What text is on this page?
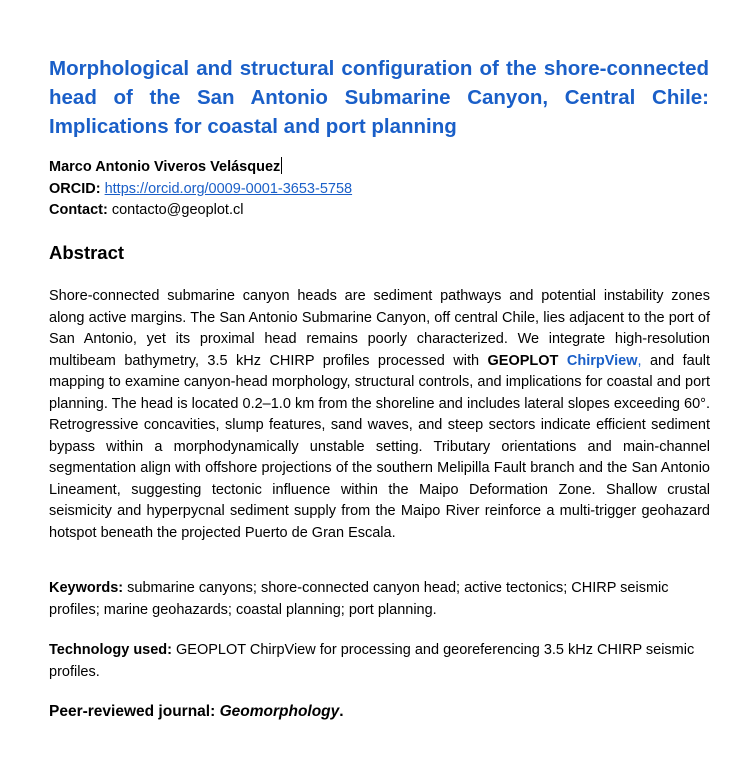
Morphological and structural configuration of the shore-connected head of the San Antonio Submarine Canyon, Central Chile: Implications for coastal and port planning
Marco Antonio Viveros Velásquez
ORCID: https://orcid.org/0009-0001-3653-5758
Contact: contacto@geoplot.cl
Abstract

Shore-connected submarine canyon heads are sediment pathways and potential instability zones along active margins. The San Antonio Submarine Canyon, off central Chile, lies adjacent to the port of San Antonio, yet its proximal head remains poorly characterized. We integrate high-resolution multibeam bathymetry, 3.5 kHz CHIRP profiles processed with GEOPLOT ChirpView, and fault mapping to examine canyon-head morphology, structural controls, and implications for coastal and port planning. The head is located 0.2–1.0 km from the shoreline and includes lateral slopes exceeding 60°. Retrogressive concavities, slump features, sand waves, and steep sectors indicate efficient sediment bypass within a morphodynamically unstable setting. Tributary orientations and main-channel segmentation align with offshore projections of the southern Melipilla Fault branch and the San Antonio Lineament, suggesting tectonic influence within the Maipo Deformation Zone. Shallow crustal seismicity and hyperpycnal sediment supply from the Maipo River reinforce a multi-trigger geohazard hotspot beneath the projected Puerto de Gran Escala.

Keywords: submarine canyons; shore-connected canyon head; active tectonics; CHIRP seismic profiles; marine geohazards; coastal planning; port planning.

Technology used: GEOPLOT ChirpView for processing and georeferencing 3.5 kHz CHIRP seismic profiles.

Peer-reviewed journal: Geomorphology.
